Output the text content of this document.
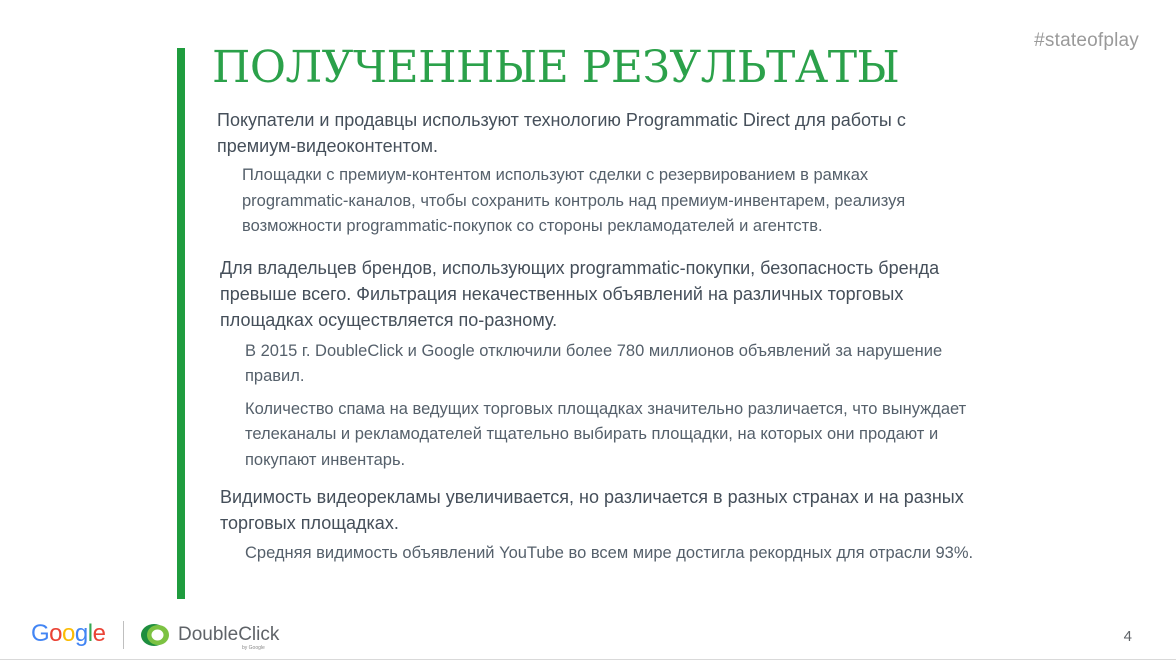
#stateofplay
ПОЛУЧЕННЫЕ РЕЗУЛЬТАТЫ

Покупатели и продавцы используют технологию Programmatic Direct для работы с премиум-видеоконтентом.

Площадки с премиум-контентом используют сделки с резервированием в рамках programmatic-каналов, чтобы сохранить контроль над премиум-инвентарем, реализуя возможности programmatic-покупок со стороны рекламодателей и агентств.

Для владельцев брендов, использующих programmatic-покупки, безопасность бренда превыше всего. Фильтрация некачественных объявлений на различных торговых площадках осуществляется по-разному.

В 2015 г. DoubleClick и Google отключили более 780 миллионов объявлений за нарушение правил.

Количество спама на ведущих торговых площадках значительно различается, что вынуждает телеканалы и рекламодателей тщательно выбирать площадки, на которых они продают и покупают инвентарь.

Видимость видеорекламы увеличивается, но различается в разных странах и на разных торговых площадках.

Средняя видимость объявлений YouTube во всем мире достигла рекордных для отрасли 93%.

Google	DoubleClick
by Google
4
